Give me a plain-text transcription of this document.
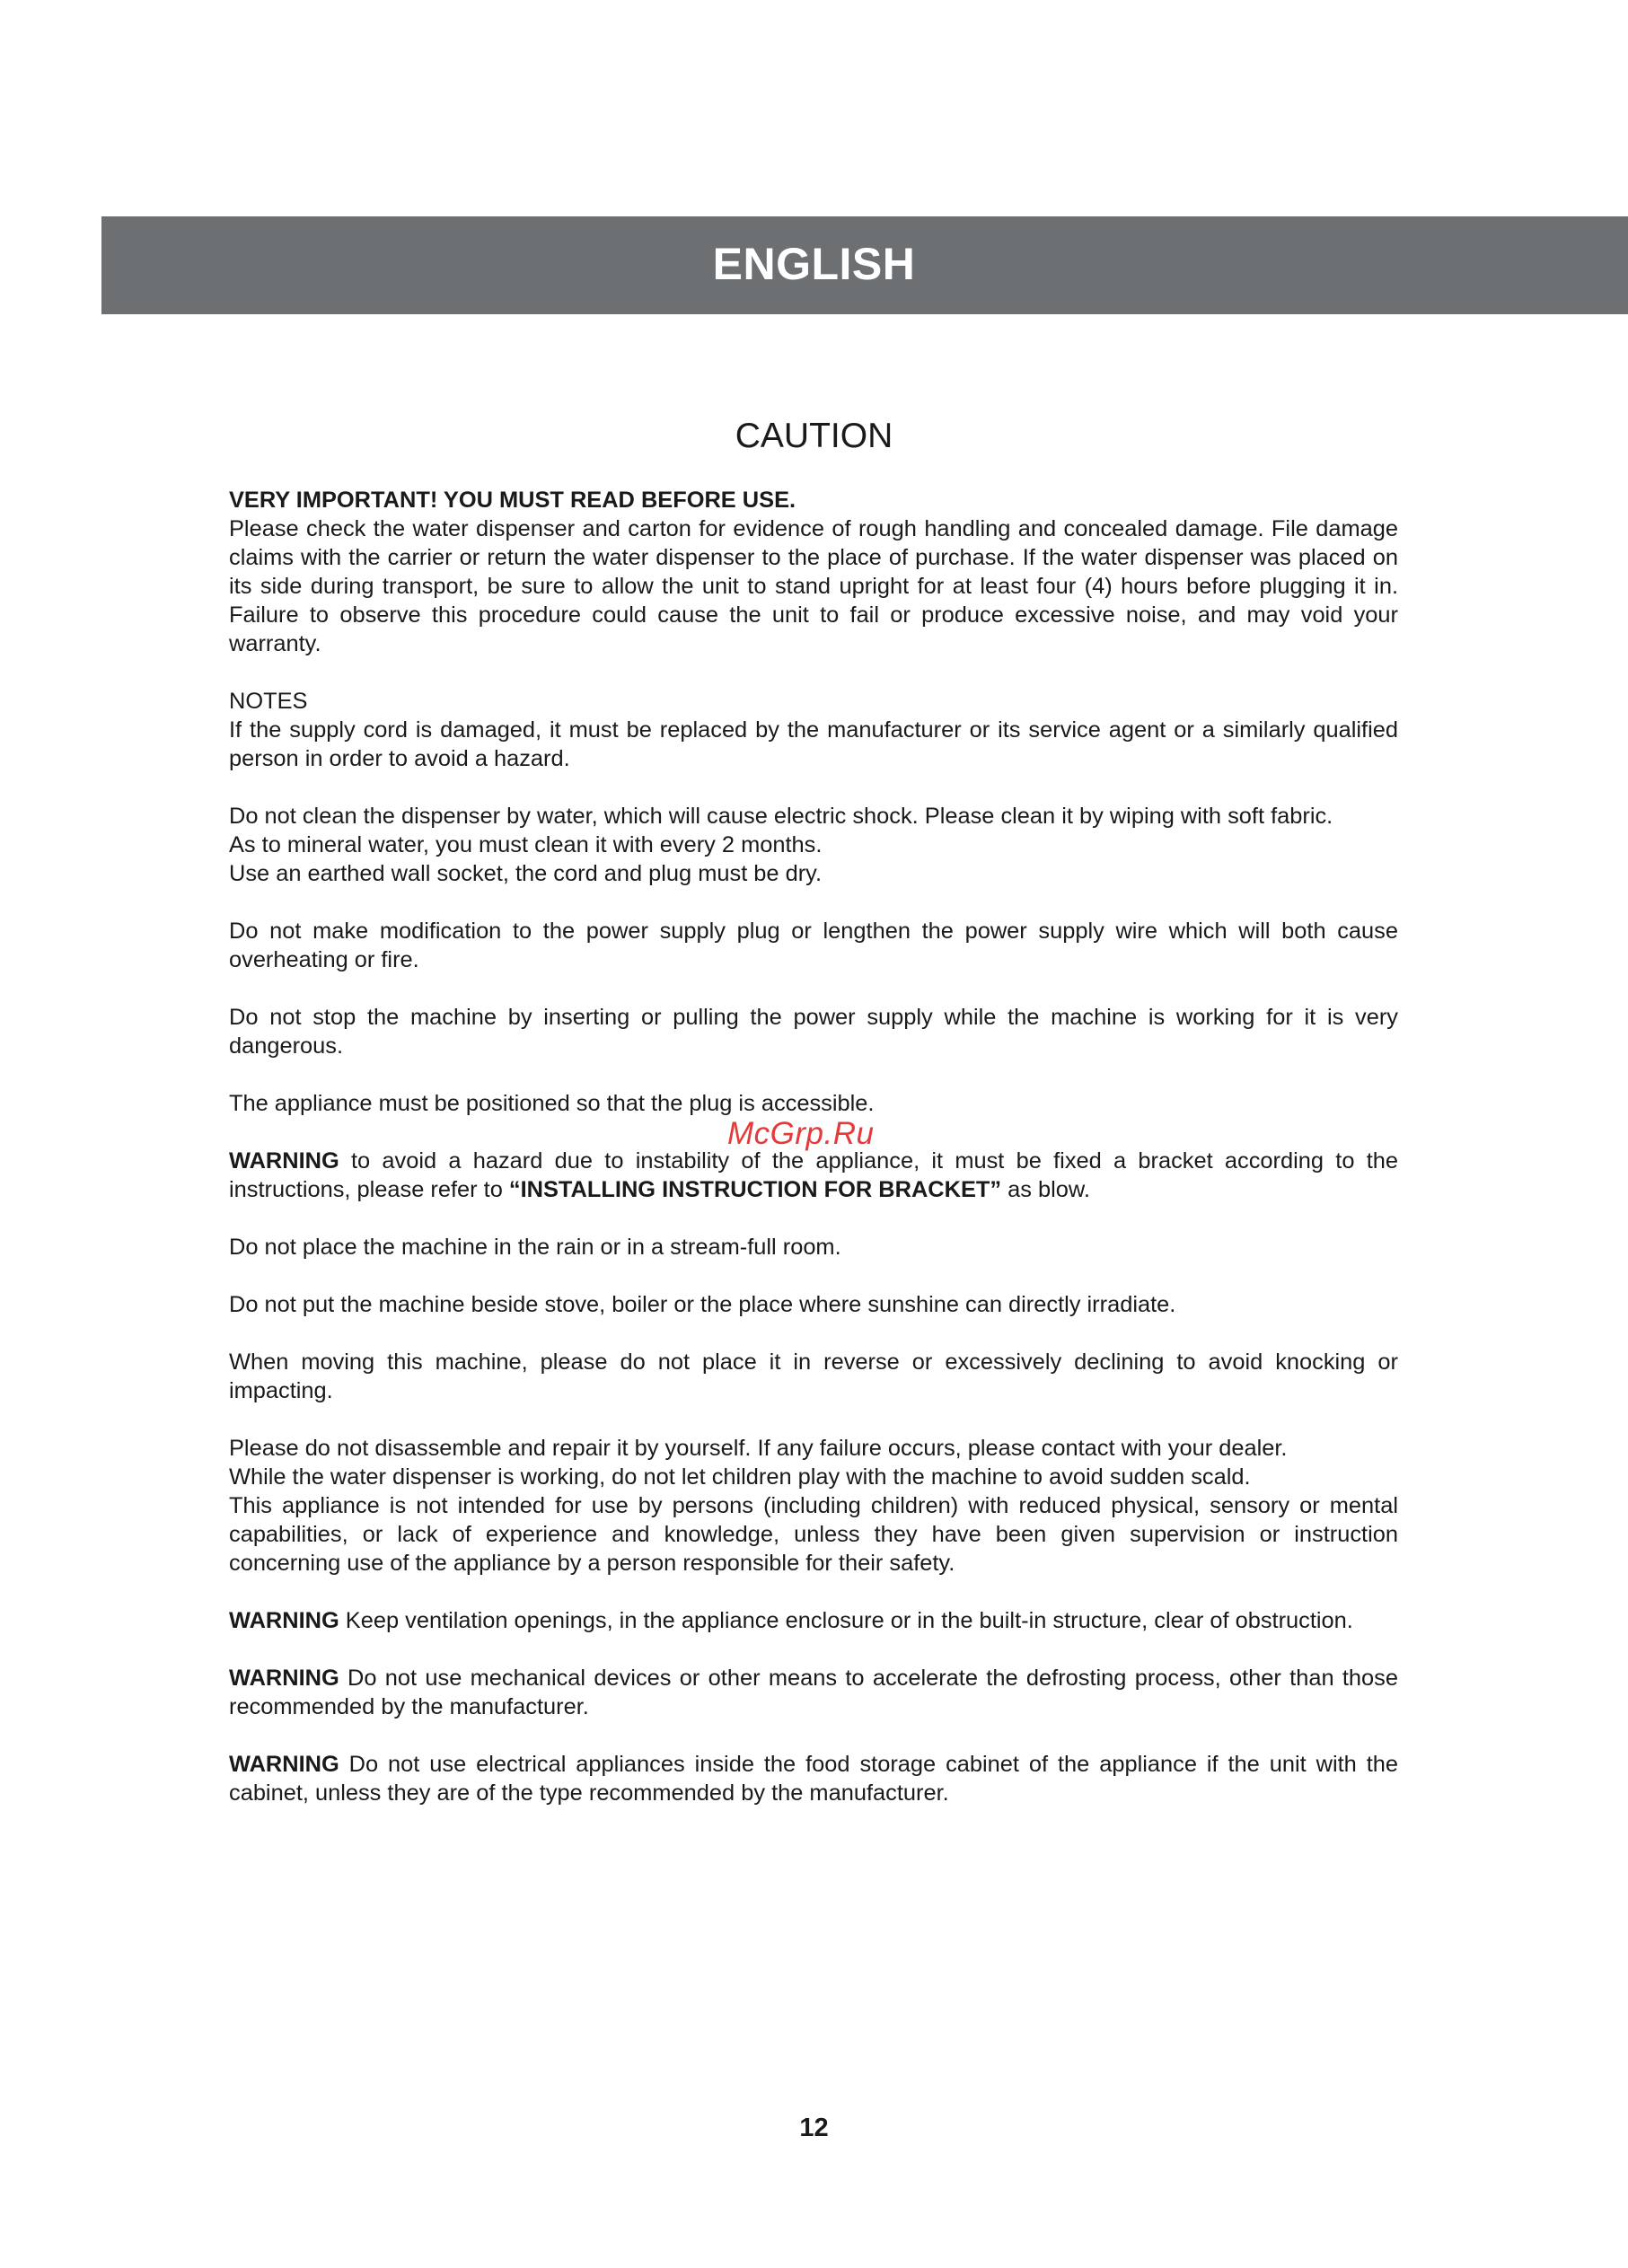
ENGLISH
CAUTION

VERY IMPORTANT! YOU MUST READ BEFORE USE.
Please check the water dispenser and carton for evidence of rough handling and concealed damage. File damage claims with the carrier or return the water dispenser to the place of purchase. If the water dispenser was placed on its side during transport, be sure to allow the unit to stand upright for at least four (4) hours before plugging it in. Failure to observe this procedure could cause the unit to fail or produce excessive noise, and may void your warranty.

NOTES
If the supply cord is damaged, it must be replaced by the manufacturer or its service agent or a similarly qualified person in order to avoid a hazard.

Do not clean the dispenser by water, which will cause electric shock. Please clean it by wiping with soft fabric.
As to mineral water, you must clean it with every 2 months.
Use an earthed wall socket, the cord and plug must be dry.

Do not make modification to the power supply plug or lengthen the power supply wire which will both cause overheating or fire.

Do not stop the machine by inserting or pulling the power supply while the machine is working for it is very dangerous.

The appliance must be positioned so that the plug is accessible.

WARNING to avoid a hazard due to instability of the appliance, it must be fixed a bracket according to the instructions, please refer to “INSTALLING INSTRUCTION FOR BRACKET” as blow.

Do not place the machine in the rain or in a stream-full room.

Do not put the machine beside stove, boiler or the place where sunshine can directly irradiate.

When moving this machine, please do not place it in reverse or excessively declining to avoid knocking or impacting.

Please do not disassemble and repair it by yourself. If any failure occurs, please contact with your dealer.
While the water dispenser is working, do not let children play with the machine to avoid sudden scald.
This appliance is not intended for use by persons (including children) with reduced physical, sensory or mental capabilities, or lack of experience and knowledge, unless they have been given supervision or instruction concerning use of the appliance by a person responsible for their safety.

WARNING Keep ventilation openings, in the appliance enclosure or in the built-in structure, clear of obstruction.

WARNING Do not use mechanical devices or other means to accelerate the defrosting process, other than those recommended by the manufacturer.

WARNING Do not use electrical appliances inside the food storage cabinet of the appliance if the unit with the cabinet, unless they are of the type recommended by the manufacturer.

McGrp.Ru
12
